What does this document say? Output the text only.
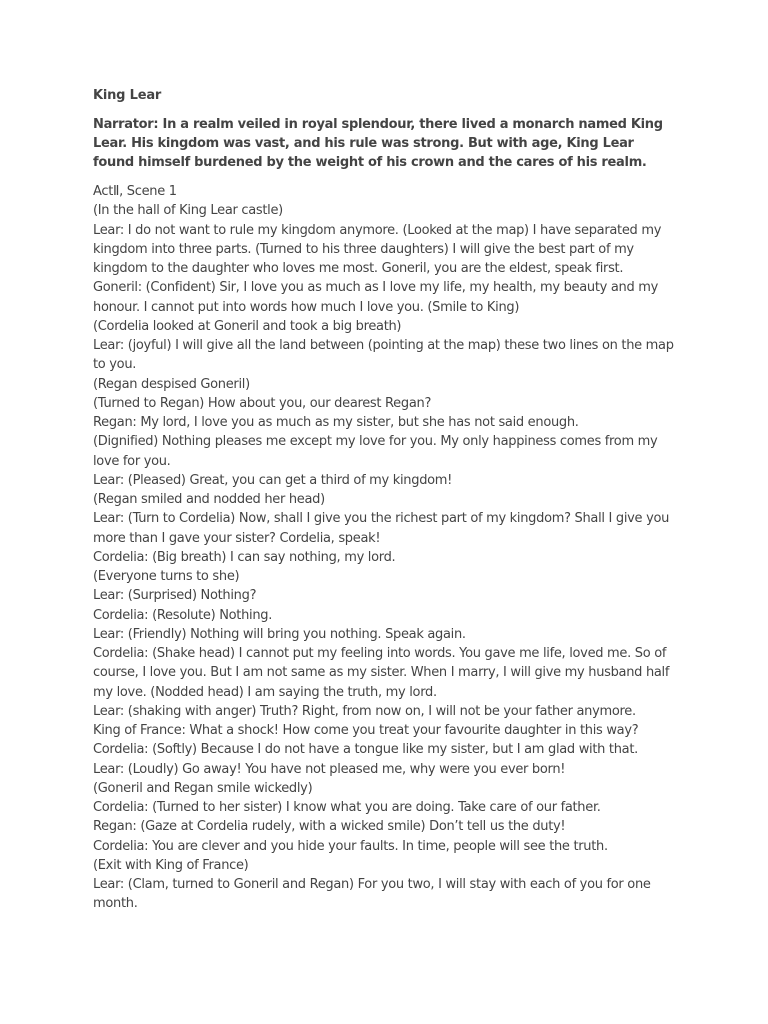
King Lear
Narrator: In a realm veiled in royal splendour, there lived a monarch named King Lear. His kingdom was vast, and his rule was strong. But with age, King Lear found himself burdened by the weight of his crown and the cares of his realm.
ActⅡ, Scene 1
(In the hall of King Lear castle)
Lear: I do not want to rule my kingdom anymore. (Looked at the map) I have separated my kingdom into three parts. (Turned to his three daughters) I will give the best part of my kingdom to the daughter who loves me most. Goneril, you are the eldest, speak first.
Goneril: (Confident) Sir, I love you as much as I love my life, my health, my beauty and my honour. I cannot put into words how much I love you. (Smile to King)
(Cordelia looked at Goneril and took a big breath)
Lear: (joyful) I will give all the land between (pointing at the map) these two lines on the map to you.
(Regan despised Goneril)
(Turned to Regan) How about you, our dearest Regan?
Regan: My lord, I love you as much as my sister, but she has not said enough.
(Dignified) Nothing pleases me except my love for you. My only happiness comes from my love for you.
Lear: (Pleased) Great, you can get a third of my kingdom!
(Regan smiled and nodded her head)
Lear: (Turn to Cordelia) Now, shall I give you the richest part of my kingdom? Shall I give you more than I gave your sister? Cordelia, speak!
Cordelia: (Big breath) I can say nothing, my lord.
(Everyone turns to she)
Lear: (Surprised) Nothing?
Cordelia: (Resolute) Nothing.
Lear: (Friendly) Nothing will bring you nothing. Speak again.
Cordelia: (Shake head) I cannot put my feeling into words. You gave me life, loved me. So of course, I love you. But I am not same as my sister. When I marry, I will give my husband half my love. (Nodded head) I am saying the truth, my lord.
Lear: (shaking with anger) Truth? Right, from now on, I will not be your father anymore.
King of France: What a shock! How come you treat your favourite daughter in this way?
Cordelia: (Softly) Because I do not have a tongue like my sister, but I am glad with that.
Lear: (Loudly) Go away! You have not pleased me, why were you ever born!
(Goneril and Regan smile wickedly)
Cordelia: (Turned to her sister) I know what you are doing. Take care of our father.
Regan: (Gaze at Cordelia rudely, with a wicked smile) Don’t tell us the duty!
Cordelia: You are clever and you hide your faults. In time, people will see the truth.
(Exit with King of France)
Lear: (Clam, turned to Goneril and Regan) For you two, I will stay with each of you for one month.
